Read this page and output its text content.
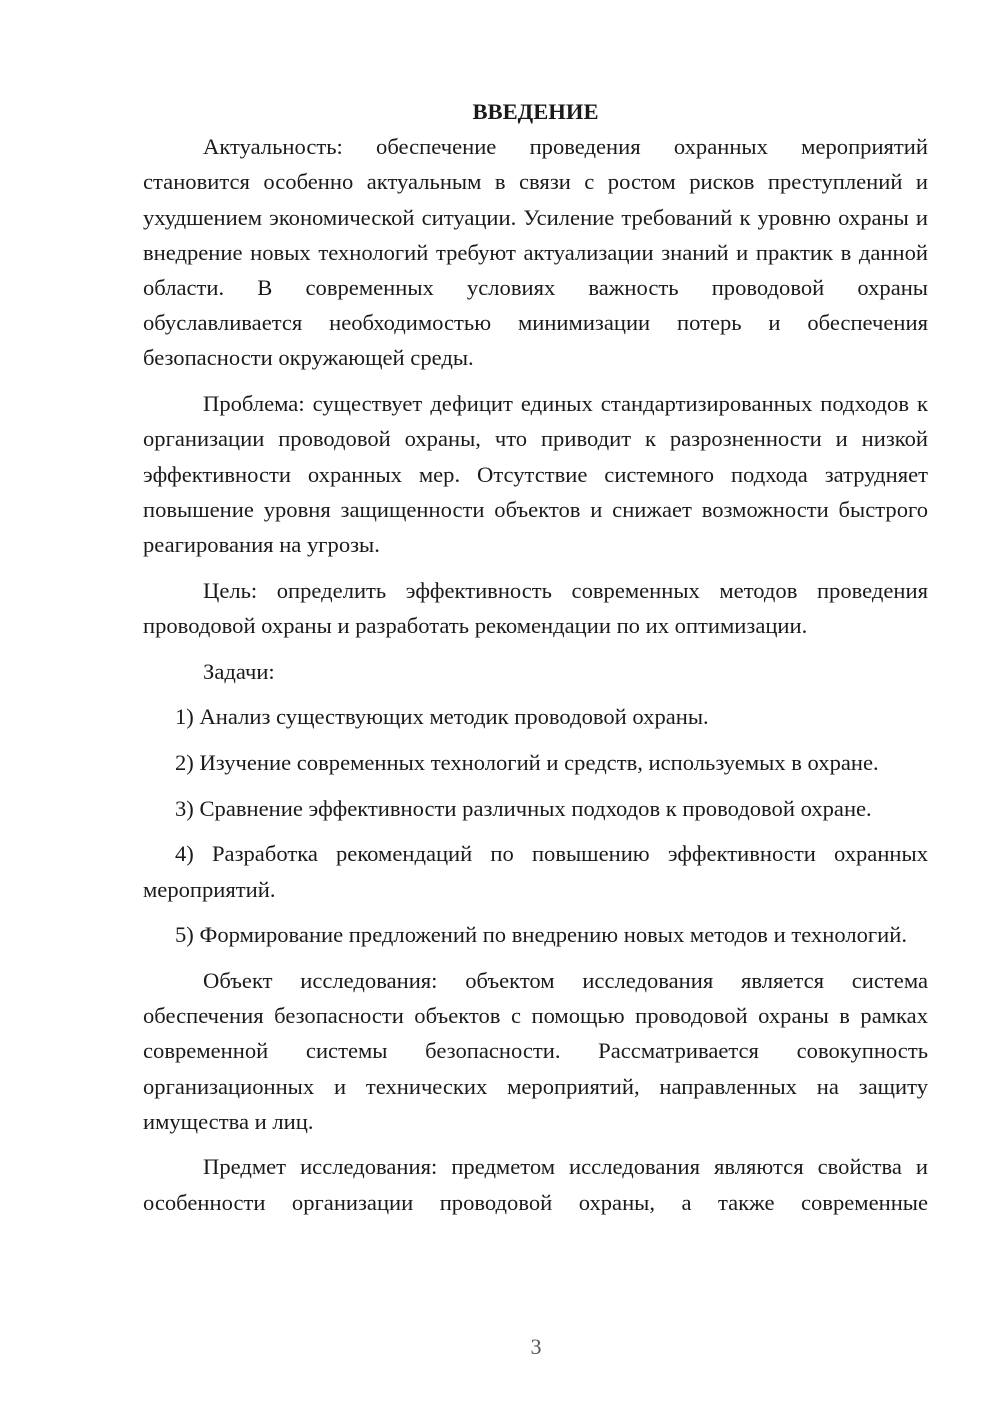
ВВЕДЕНИЕ

Актуальность: обеспечение проведения охранных мероприятий становится особенно актуальным в связи с ростом рисков преступлений и ухудшением экономической ситуации. Усиление требований к уровню охраны и внедрение новых технологий требуют актуализации знаний и практик в данной области. В современных условиях важность проводовой охраны обуславливается необходимостью минимизации потерь и обеспечения безопасности окружающей среды.

Проблема: существует дефицит единых стандартизированных подходов к организации проводовой охраны, что приводит к разрозненности и низкой эффективности охранных мер. Отсутствие системного подхода затрудняет повышение уровня защищенности объектов и снижает возможности быстрого реагирования на угрозы.

Цель: определить эффективность современных методов проведения проводовой охраны и разработать рекомендации по их оптимизации.

Задачи:

1) Анализ существующих методик проводовой охраны.

2) Изучение современных технологий и средств, используемых в охране.

3) Сравнение эффективности различных подходов к проводовой охране.

4) Разработка рекомендаций по повышению эффективности охранных мероприятий.

5) Формирование предложений по внедрению новых методов и технологий.

Объект исследования: объектом исследования является система обеспечения безопасности объектов с помощью проводовой охраны в рамках современной системы безопасности. Рассматривается совокупность организационных и технических мероприятий, направленных на защиту имущества и лиц.

Предмет исследования: предметом исследования являются свойства и особенности организации проводовой охраны, а также современные

3
